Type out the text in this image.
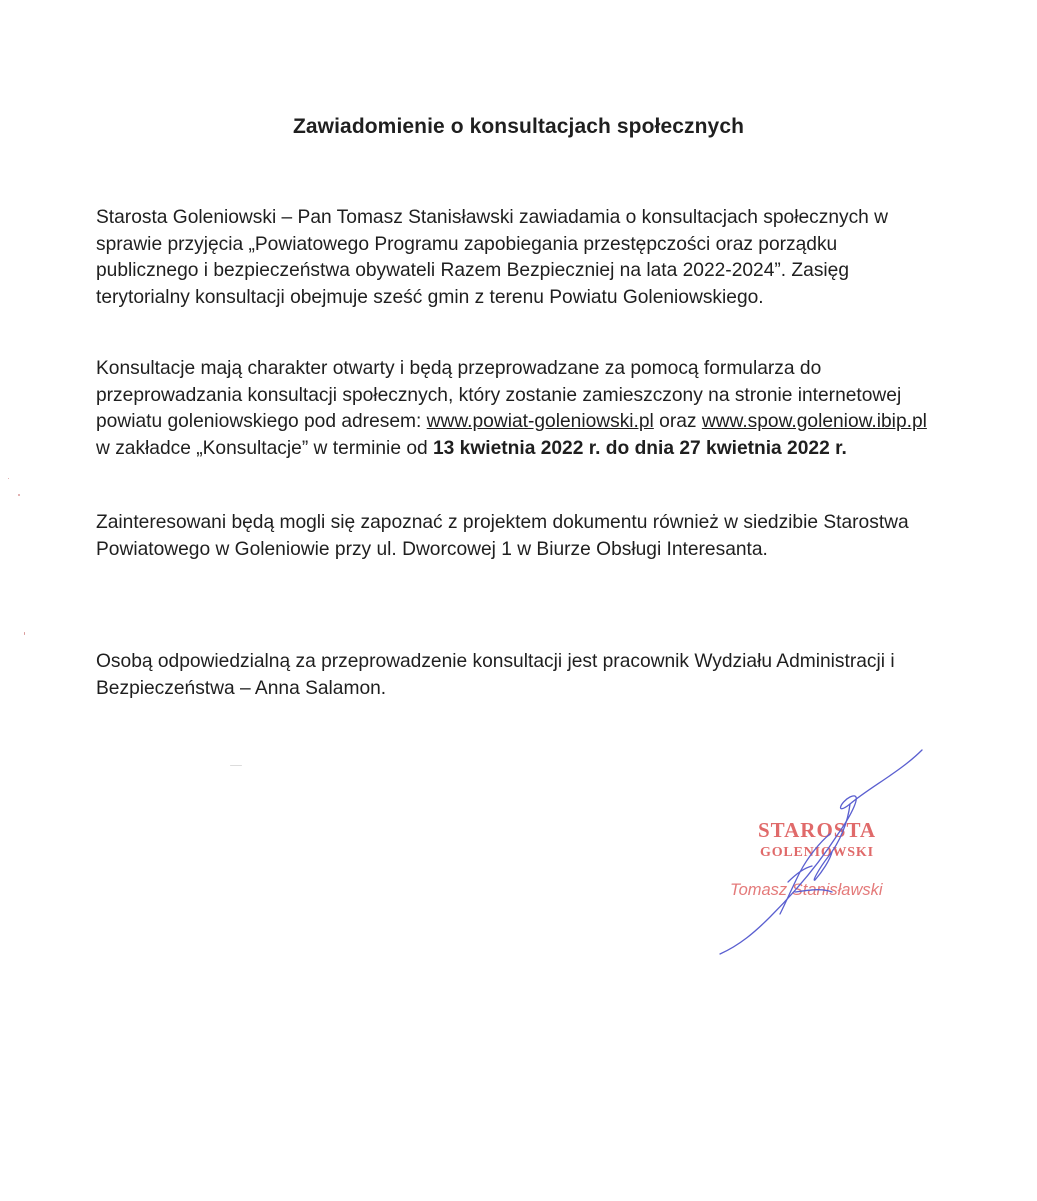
Zawiadomienie o konsultacjach społecznych

Starosta Goleniowski – Pan Tomasz Stanisławski zawiadamia o konsultacjach społecznych w sprawie przyjęcia „Powiatowego Programu zapobiegania przestępczości oraz porządku publicznego i bezpieczeństwa obywateli Razem Bezpieczniej na lata 2022-2024”. Zasięg terytorialny konsultacji obejmuje sześć gmin z terenu Powiatu Goleniowskiego.

Konsultacje mają charakter otwarty i będą przeprowadzane za pomocą formularza do przeprowadzania konsultacji społecznych, który zostanie zamieszczony na stronie internetowej powiatu goleniowskiego pod adresem: www.powiat-goleniowski.pl oraz www.spow.goleniow.ibip.pl w zakładce „Konsultacje” w terminie od 13 kwietnia 2022 r. do dnia 27 kwietnia 2022 r.

Zainteresowani będą mogli się zapoznać z projektem dokumentu również w siedzibie Starostwa Powiatowego w Goleniowie przy ul. Dworcowej 1 w Biurze Obsługi Interesanta.

Osobą odpowiedzialną za przeprowadzenie konsultacji jest pracownik Wydziału Administracji i Bezpieczeństwa – Anna Salamon.

STAROSTA
GOLENIOWSKI
Tomasz Stanisławski
